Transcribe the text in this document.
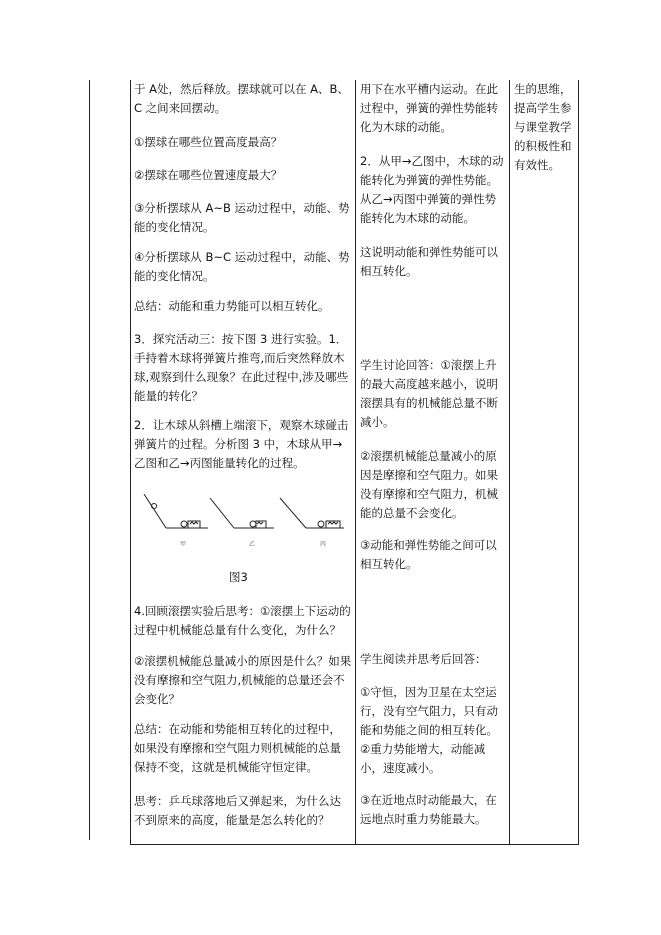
于 A处，然后释放。摆球就可以在 A、B、C 之间来回摆动。

①摆球在哪些位置高度最高？

②摆球在哪些位置速度最大？

③分析摆球从 A~B 运动过程中，动能、势能的变化情况。

④分析摆球从 B~C 运动过程中，动能、势能的变化情况。

总结：动能和重力势能可以相互转化。

3．探究活动三：按下图 3 进行实验。1．手持着木球将弹簧片推弯,而后突然释放木球,观察到什么现象？在此过程中,涉及哪些能量的转化？

2．让木球从斜槽上端滚下，观察木球碰击弹簧片的过程。分析图 3 中，木球从甲→乙图和乙→丙图能量转化的过程。

4.回顾滚摆实验后思考：①滚摆上下运动的过程中机械能总量有什么变化，为什么？

②滚摆机械能总量减小的原因是什么？如果没有摩擦和空气阻力,机械能的总量还会不会变化？

总结：在动能和势能相互转化的过程中，如果没有摩擦和空气阻力则机械能的总量保持不变，这就是机械能守恒定律。

思考：乒乓球落地后又弹起来，为什么达不到原来的高度，能量是怎么转化的？

甲	乙	丙
图3

用下在水平槽内运动。在此过程中，弹簧的弹性势能转化为木球的动能。

2．从甲→乙图中，木球的动能转化为弹簧的弹性势能。从乙→丙图中弹簧的弹性势能转化为木球的动能。

这说明动能和弹性势能可以相互转化。

学生讨论回答：①滚摆上升的最大高度越来越小，说明滚摆具有的机械能总量不断减小。

②滚摆机械能总量减小的原因是摩擦和空气阻力。如果没有摩擦和空气阻力，机械能的总量不会变化。

③动能和弹性势能之间可以相互转化。

学生阅读并思考后回答：

①守恒，因为卫星在太空运行，没有空气阻力，只有动能和势能之间的相互转化。

②重力势能增大，动能减小，速度减小。

③在近地点时动能最大，在远地点时重力势能最大。

生的思维，提高学生参与课堂教学的积极性和有效性。
